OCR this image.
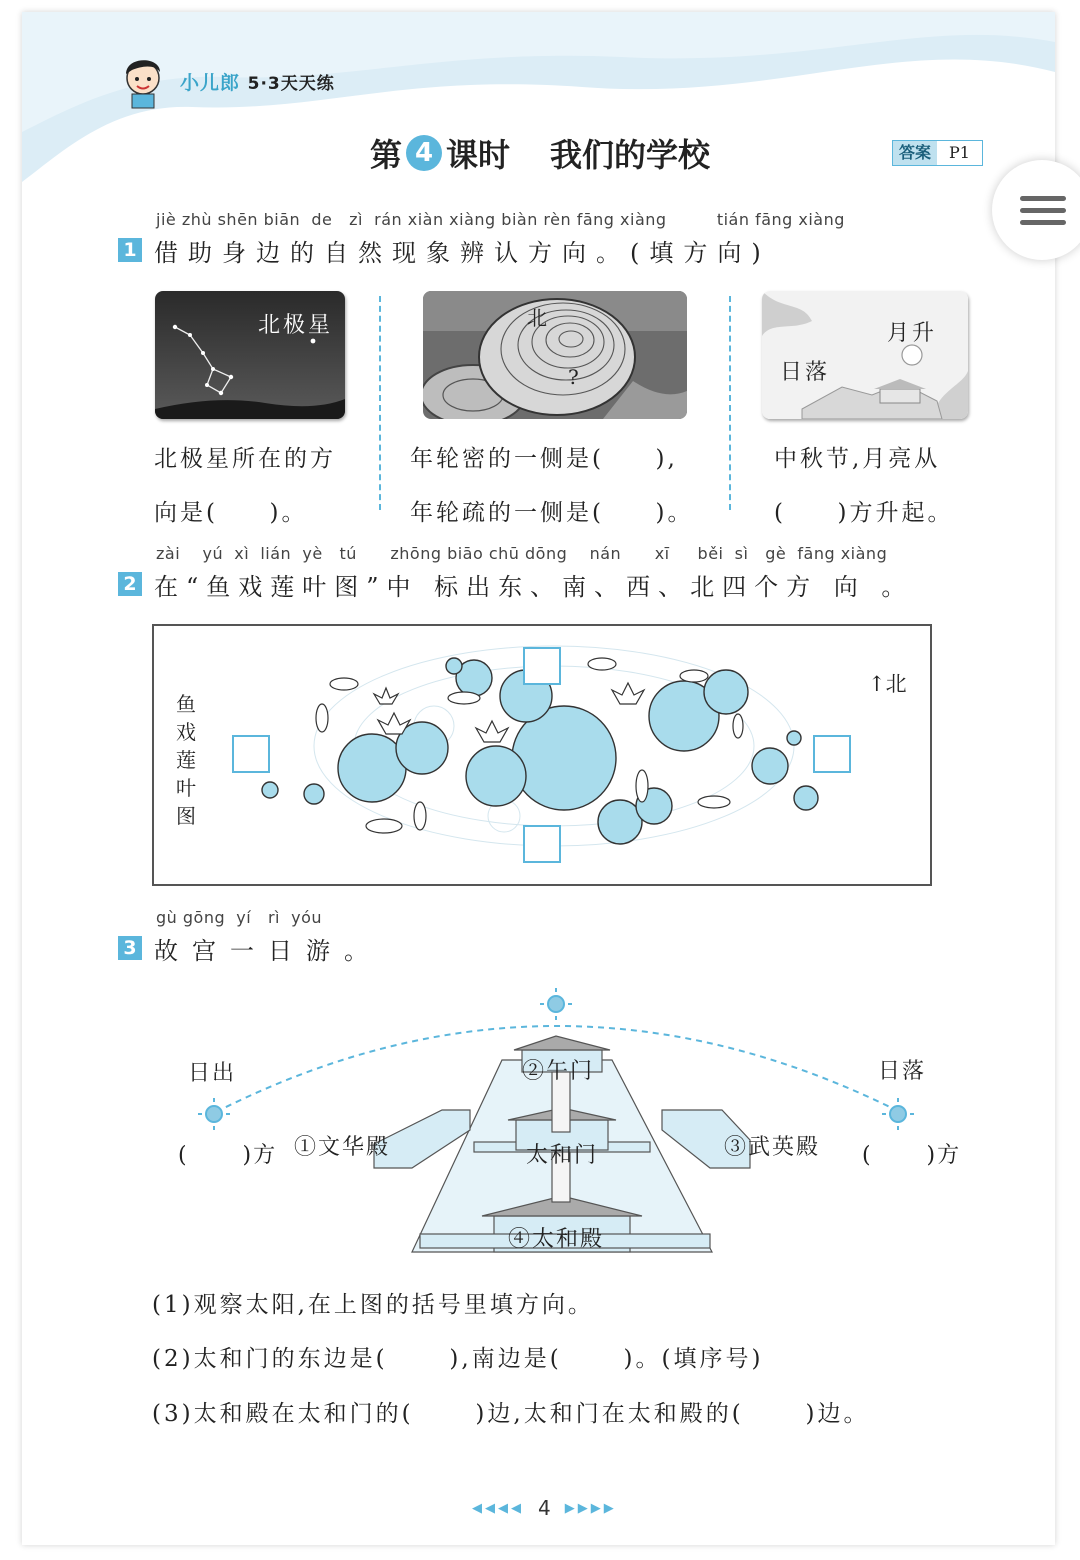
小儿郎 5·3天天练
第 4 课时 我们的学校	答案	P1
jiè zhù shēn biān  de   zì  rán xiàn xiàng biàn rèn fāng xiàng         tián fāng xiàng
1 借助身边的自然现象辨认方向。(填方向)
北极星	北
?
月升
日落
北极星所在的方
向是(     )。
年轮密的一侧是(     ),
年轮疏的一侧是(     )。
中秋节,月亮从
(     )方升起。
zài    yú  xì  lián  yè   tú      zhōng biāo chū dōng    nán      xī     běi  sì   gè  fāng xiàng
2 在“鱼戏莲叶图”中 标出东、南、西、北四个方 向 。
鱼
戏
莲
叶
图
↑北
gù gōng  yí   rì  yóu
3 故宫一日游。
日出	日落
(      )方	(      )方
②午门
①文华殿	太和门	③武英殿
④太和殿
(1)观察太阳,在上图的括号里填方向。
(2)太和门的东边是(      ),南边是(      )。(填序号)
(3)太和殿在太和门的(      )边,太和门在太和殿的(      )边。
◀◀◀◀ 4 ▶▶▶▶
